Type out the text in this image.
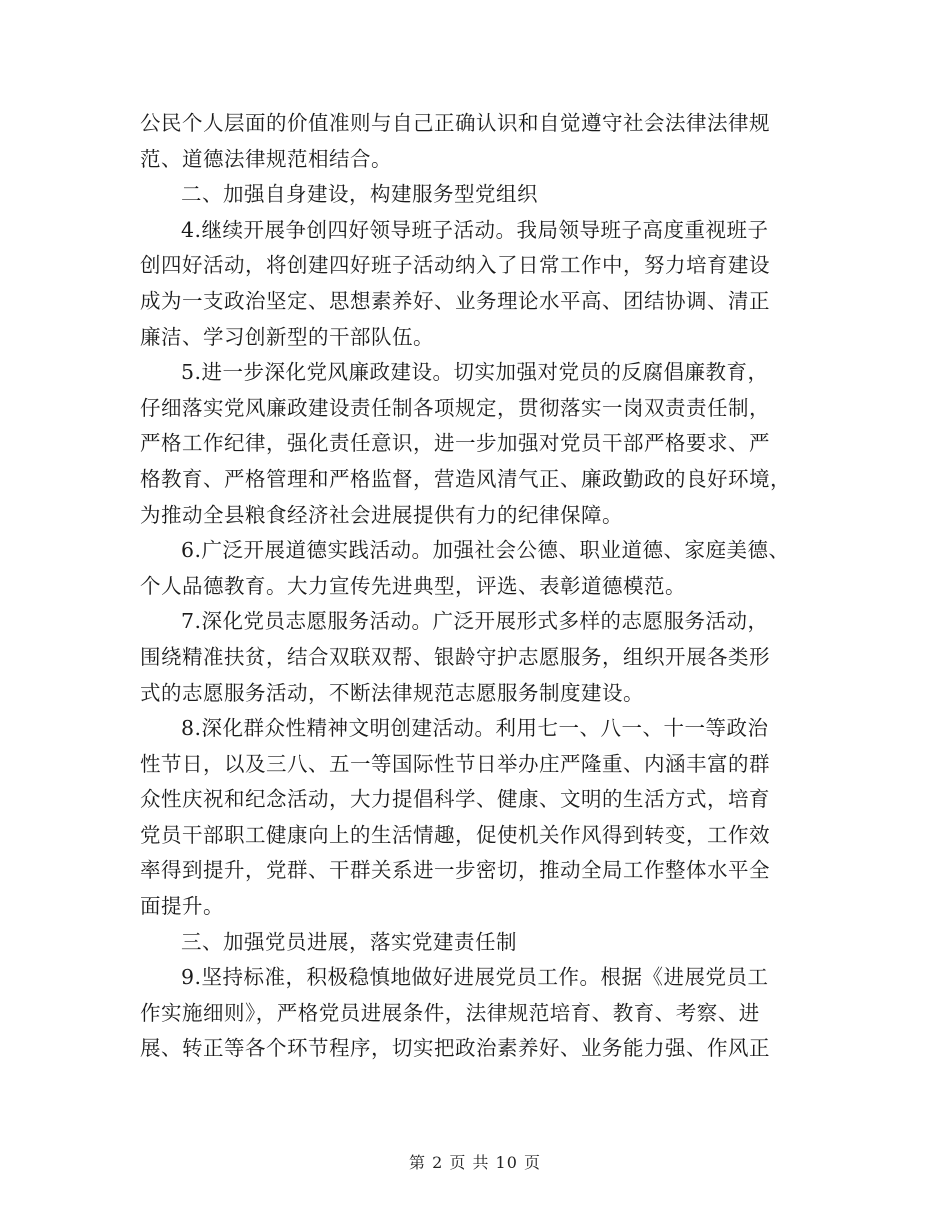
公民个人层面的价值准则与自己正确认识和自觉遵守社会法律法律规
范、道德法律规范相结合。
二、加强自身建设，构建服务型党组织
4.继续开展争创四好领导班子活动。我局领导班子高度重视班子
创四好活动，将创建四好班子活动纳入了日常工作中，努力培育建设
成为一支政治坚定、思想素养好、业务理论水平高、团结协调、清正
廉洁、学习创新型的干部队伍。
5.进一步深化党风廉政建设。切实加强对党员的反腐倡廉教育，
仔细落实党风廉政建设责任制各项规定，贯彻落实一岗双责责任制，
严格工作纪律，强化责任意识，进一步加强对党员干部严格要求、严
格教育、严格管理和严格监督，营造风清气正、廉政勤政的良好环境，
为推动全县粮食经济社会进展提供有力的纪律保障。
6.广泛开展道德实践活动。加强社会公德、职业道德、家庭美德、
个人品德教育。大力宣传先进典型，评选、表彰道德模范。
7.深化党员志愿服务活动。广泛开展形式多样的志愿服务活动，
围绕精准扶贫，结合双联双帮、银龄守护志愿服务，组织开展各类形
式的志愿服务活动，不断法律规范志愿服务制度建设。
8.深化群众性精神文明创建活动。利用七一、八一、十一等政治
性节日，以及三八、五一等国际性节日举办庄严隆重、内涵丰富的群
众性庆祝和纪念活动，大力提倡科学、健康、文明的生活方式，培育
党员干部职工健康向上的生活情趣，促使机关作风得到转变，工作效
率得到提升，党群、干群关系进一步密切，推动全局工作整体水平全
面提升。
三、加强党员进展，落实党建责任制
9.坚持标准，积极稳慎地做好进展党员工作。根据《进展党员工
作实施细则》，严格党员进展条件，法律规范培育、教育、考察、进
展、转正等各个环节程序，切实把政治素养好、业务能力强、作风正
第 2 页 共 10 页
